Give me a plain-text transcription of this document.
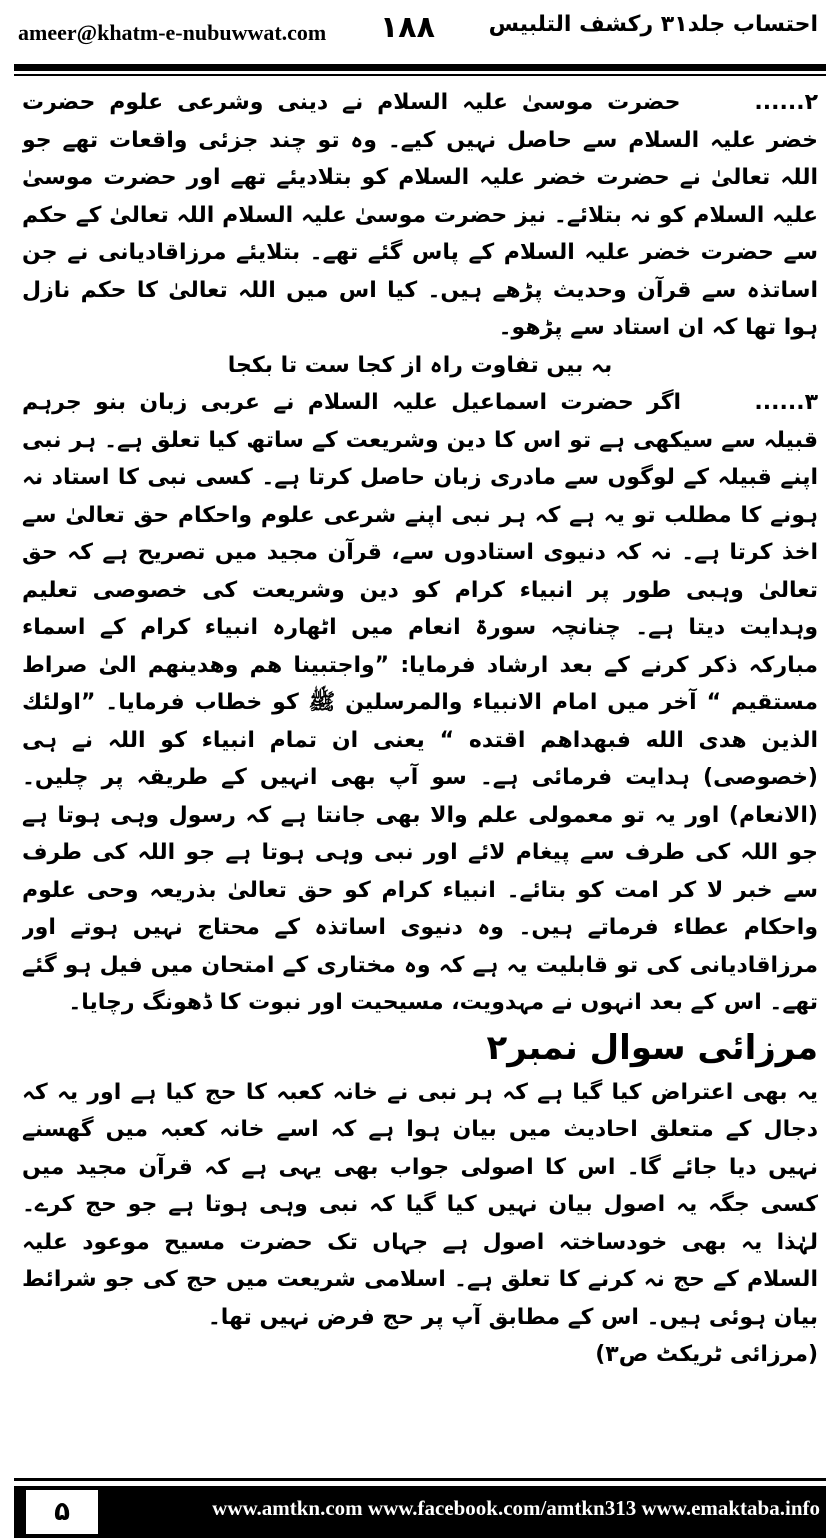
ameer@khatm-e-nubuwwat.com ۱۸۸ احتساب جلد۳۱ رکشف التلبیس

۲...... حضرت موسیٰ علیہ السلام نے دینی وشرعی علوم حضرت خضر علیہ السلام سے حاصل نہیں کیے۔ وہ تو چند جزئی واقعات تھے جو اللہ تعالیٰ نے حضرت خضر علیہ السلام کو بتلادیئے تھے اور حضرت موسیٰ علیہ السلام کو نہ بتلائے۔ نیز حضرت موسیٰ علیہ السلام اللہ تعالیٰ کے حکم سے حضرت خضر علیہ السلام کے پاس گئے تھے۔ بتلایئے مرزاقادیانی نے جن اساتذہ سے قرآن وحدیث پڑھے ہیں۔ کیا اس میں اللہ تعالیٰ کا حکم نازل ہوا تھا کہ ان استاد سے پڑھو۔

بہ بیں تفاوت راہ از کجا ست تا بکجا

۳...... اگر حضرت اسماعیل علیہ السلام نے عربی زبان بنو جرہم قبیلہ سے سیکھی ہے تو اس کا دین وشریعت کے ساتھ کیا تعلق ہے۔ ہر نبی اپنے قبیلہ کے لوگوں سے مادری زبان حاصل کرتا ہے۔ کسی نبی کا استاد نہ ہونے کا مطلب تو یہ ہے کہ ہر نبی اپنے شرعی علوم واحکام حق تعالیٰ سے اخذ کرتا ہے۔ نہ کہ دنیوی استادوں سے، قرآن مجید میں تصریح ہے کہ حق تعالیٰ وہبی طور پر انبیاء کرام کو دین وشریعت کی خصوصی تعلیم وہدایت دیتا ہے۔ چنانچہ سورۃ انعام میں اٹھارہ انبیاء کرام کے اسماء مبارکہ ذکر کرنے کے بعد ارشاد فرمایا: ”واجتبینا هم وهدینهم الیٰ صراط مستقیم “ آخر میں امام الانبیاء والمرسلین ﷺ کو خطاب فرمایا۔ ”اولئك الذین هدی الله فبهداهم اقتده “ یعنی ان تمام انبیاء کو اللہ نے ہی (خصوصی) ہدایت فرمائی ہے۔ سو آپ بھی انہیں کے طریقہ پر چلیں۔ (الانعام) اور یہ تو معمولی علم والا بھی جانتا ہے کہ رسول وہی ہوتا ہے جو اللہ کی طرف سے پیغام لائے اور نبی وہی ہوتا ہے جو اللہ کی طرف سے خبر لا کر امت کو بتائے۔ انبیاء کرام کو حق تعالیٰ بذریعہ وحی علوم واحکام عطاء فرماتے ہیں۔ وہ دنیوی اساتذہ کے محتاج نہیں ہوتے اور مرزاقادیانی کی تو قابلیت یہ ہے کہ وہ مختاری کے امتحان میں فیل ہو گئے تھے۔ اس کے بعد انہوں نے مہدویت، مسیحیت اور نبوت کا ڈھونگ رچایا۔

مرزائی سوال نمبر۲

یہ بھی اعتراض کیا گیا ہے کہ ہر نبی نے خانہ کعبہ کا حج کیا ہے اور یہ کہ دجال کے متعلق احادیث میں بیان ہوا ہے کہ اسے خانہ کعبہ میں گھسنے نہیں دیا جائے گا۔ اس کا اصولی جواب بھی یہی ہے کہ قرآن مجید میں کسی جگہ یہ اصول بیان نہیں کیا گیا کہ نبی وہی ہوتا ہے جو حج کرے۔ لہٰذا یہ بھی خودساختہ اصول ہے جہاں تک حضرت مسیح موعود علیہ السلام کے حج نہ کرنے کا تعلق ہے۔ اسلامی شریعت میں حج کی جو شرائط بیان ہوئی ہیں۔ اس کے مطابق آپ پر حج فرض نہیں تھا۔

(مرزائی ٹریکٹ ص۳)

۵	www.amtkn.com www.facebook.com/amtkn313 www.emaktaba.info
